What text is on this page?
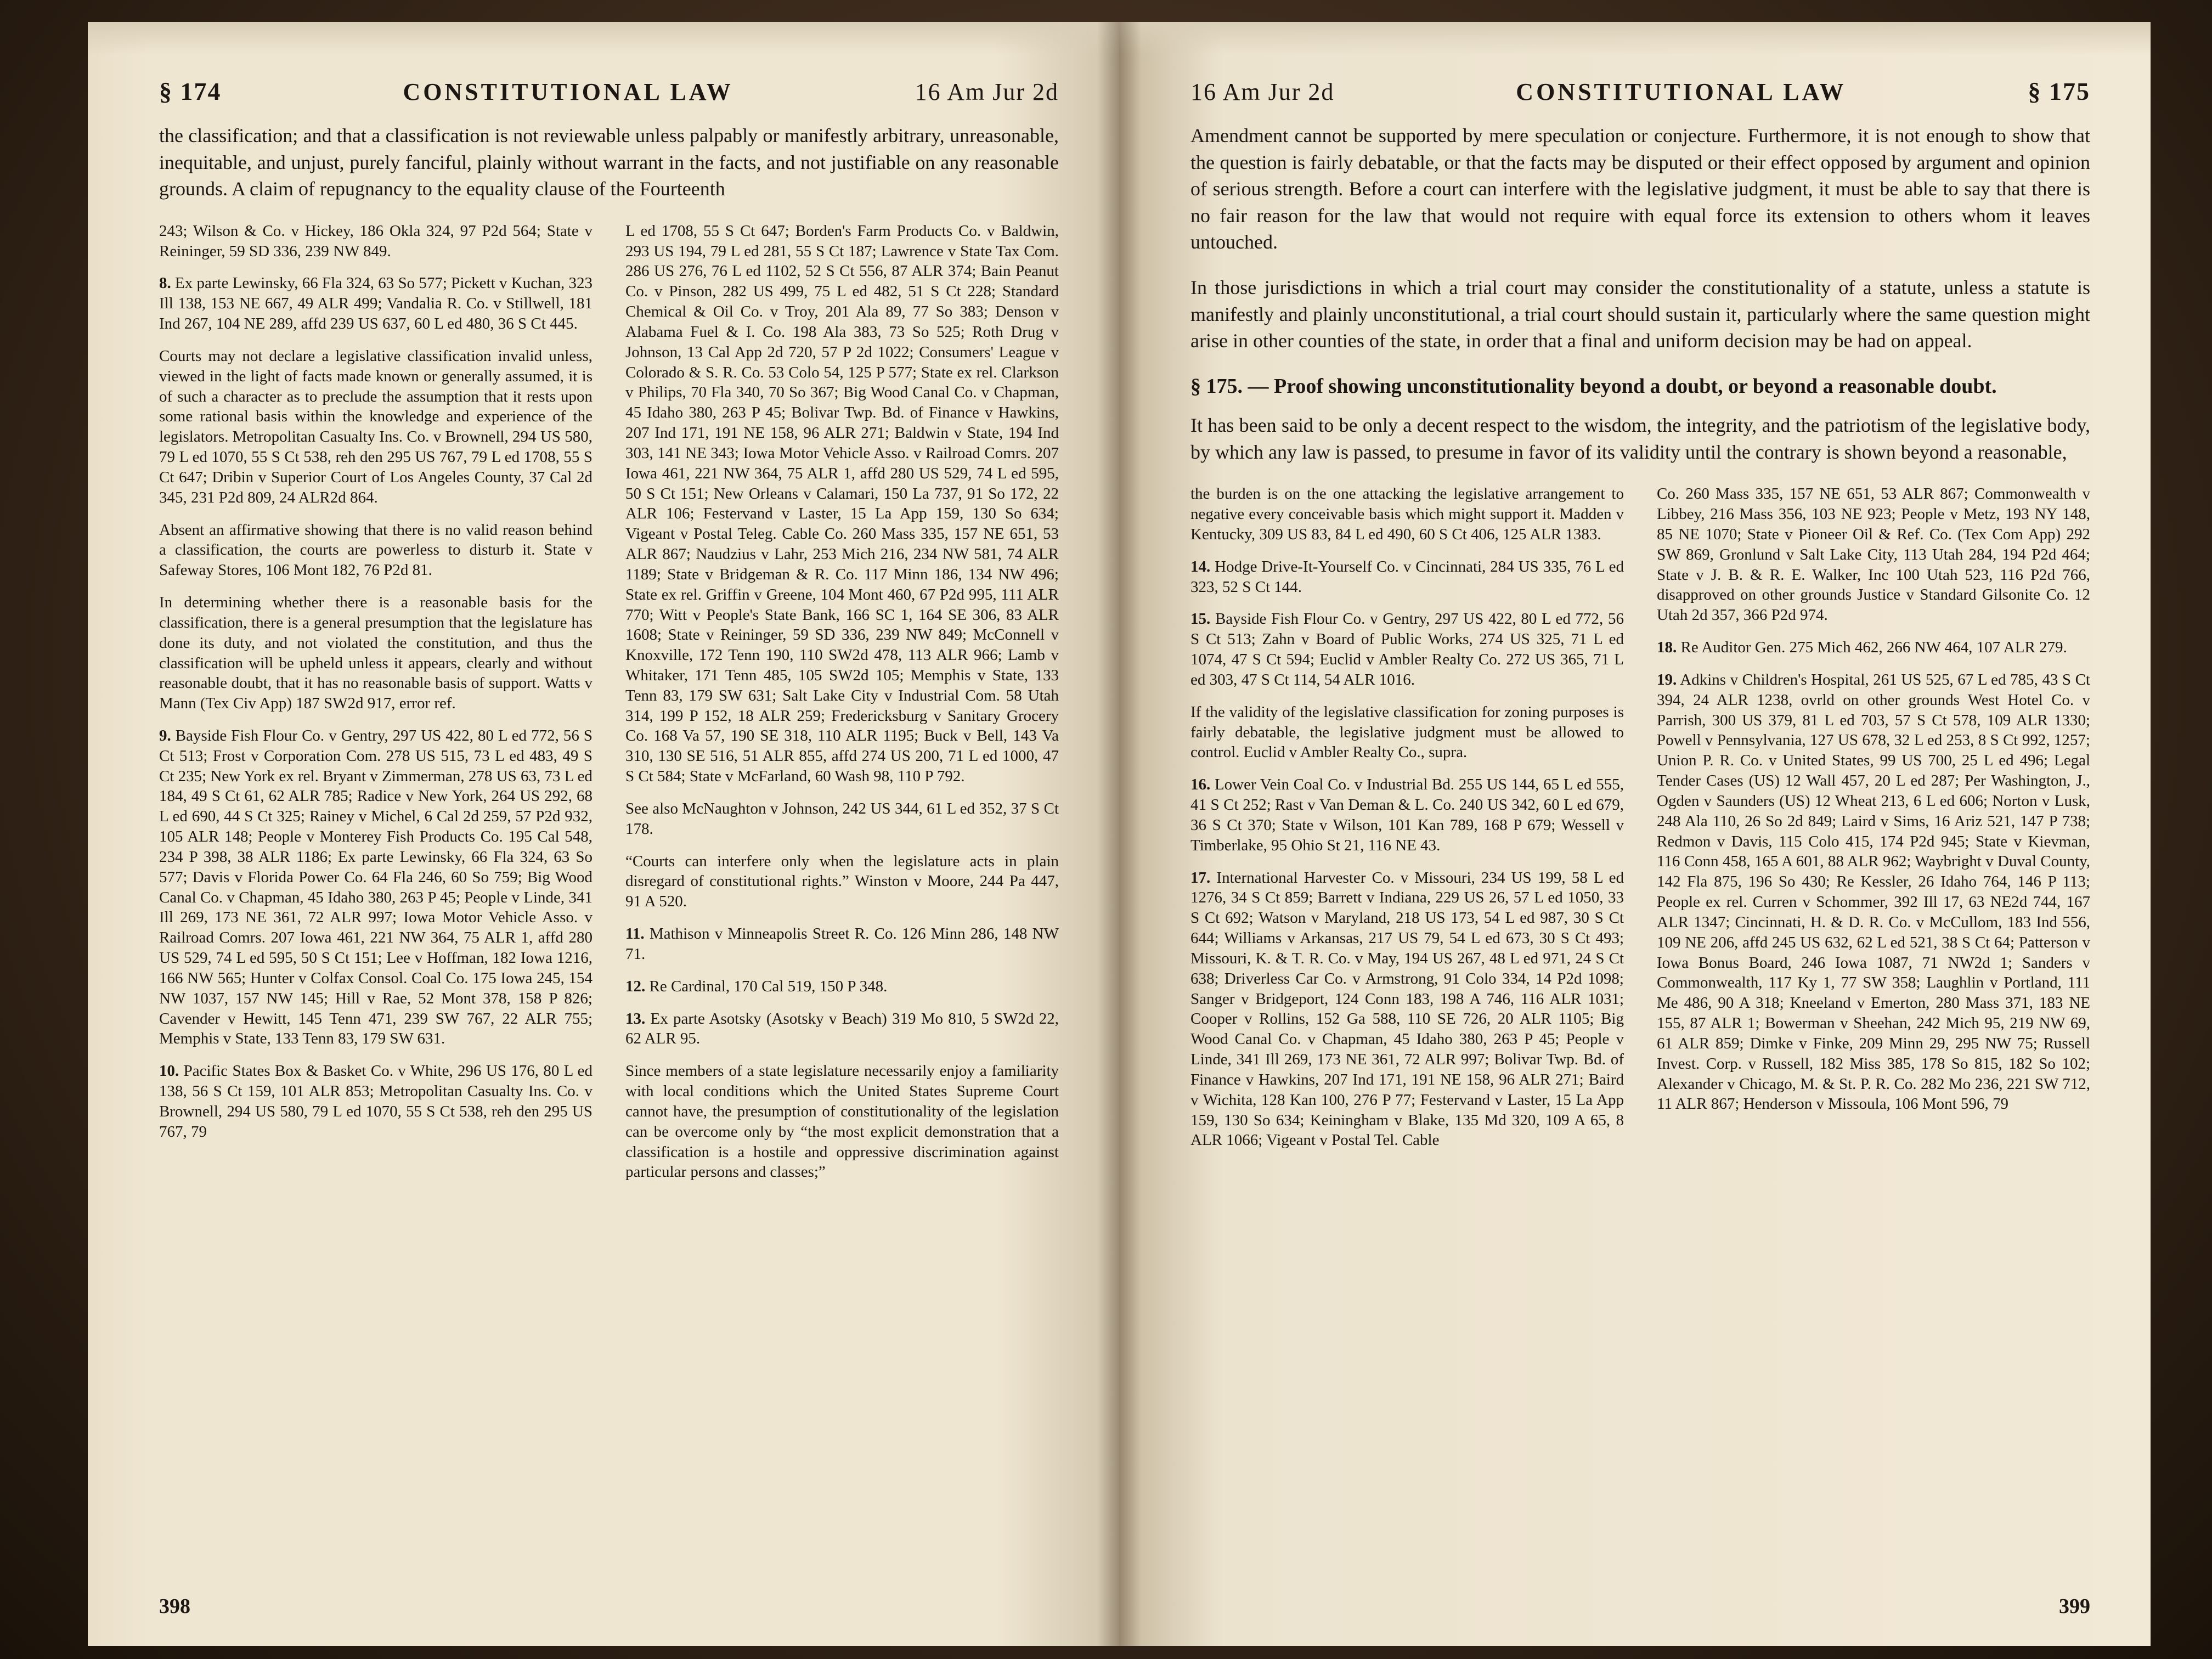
§ 174	CONSTITUTIONAL LAW	16 Am Jur 2d

the classification; and that a classification is not reviewable unless palpably or manifestly arbitrary, unreasonable, inequitable, and unjust, purely fanciful, plainly without warrant in the facts, and not justifiable on any reasonable grounds. A claim of repugnancy to the equality clause of the Fourteenth

243; Wilson & Co. v Hickey, 186 Okla 324, 97 P2d 564; State v Reininger, 59 SD 336, 239 NW 849.

8. Ex parte Lewinsky, 66 Fla 324, 63 So 577; Pickett v Kuchan, 323 Ill 138, 153 NE 667, 49 ALR 499; Vandalia R. Co. v Stillwell, 181 Ind 267, 104 NE 289, affd 239 US 637, 60 L ed 480, 36 S Ct 445.

Courts may not declare a legislative classification invalid unless, viewed in the light of facts made known or generally assumed, it is of such a character as to preclude the assumption that it rests upon some rational basis within the knowledge and experience of the legislators. Metropolitan Casualty Ins. Co. v Brownell, 294 US 580, 79 L ed 1070, 55 S Ct 538, reh den 295 US 767, 79 L ed 1708, 55 S Ct 647; Dribin v Superior Court of Los Angeles County, 37 Cal 2d 345, 231 P2d 809, 24 ALR2d 864.

Absent an affirmative showing that there is no valid reason behind a classification, the courts are powerless to disturb it. State v Safeway Stores, 106 Mont 182, 76 P2d 81.

In determining whether there is a reasonable basis for the classification, there is a general presumption that the legislature has done its duty, and not violated the constitution, and thus the classification will be upheld unless it appears, clearly and without reasonable doubt, that it has no reasonable basis of support. Watts v Mann (Tex Civ App) 187 SW2d 917, error ref.

9. Bayside Fish Flour Co. v Gentry, 297 US 422, 80 L ed 772, 56 S Ct 513; Frost v Corporation Com. 278 US 515, 73 L ed 483, 49 S Ct 235; New York ex rel. Bryant v Zimmerman, 278 US 63, 73 L ed 184, 49 S Ct 61, 62 ALR 785; Radice v New York, 264 US 292, 68 L ed 690, 44 S Ct 325; Rainey v Michel, 6 Cal 2d 259, 57 P2d 932, 105 ALR 148; People v Monterey Fish Products Co. 195 Cal 548, 234 P 398, 38 ALR 1186; Ex parte Lewinsky, 66 Fla 324, 63 So 577; Davis v Florida Power Co. 64 Fla 246, 60 So 759; Big Wood Canal Co. v Chapman, 45 Idaho 380, 263 P 45; People v Linde, 341 Ill 269, 173 NE 361, 72 ALR 997; Iowa Motor Vehicle Asso. v Railroad Comrs. 207 Iowa 461, 221 NW 364, 75 ALR 1, affd 280 US 529, 74 L ed 595, 50 S Ct 151; Lee v Hoffman, 182 Iowa 1216, 166 NW 565; Hunter v Colfax Consol. Coal Co. 175 Iowa 245, 154 NW 1037, 157 NW 145; Hill v Rae, 52 Mont 378, 158 P 826; Cavender v Hewitt, 145 Tenn 471, 239 SW 767, 22 ALR 755; Memphis v State, 133 Tenn 83, 179 SW 631.

10. Pacific States Box & Basket Co. v White, 296 US 176, 80 L ed 138, 56 S Ct 159, 101 ALR 853; Metropolitan Casualty Ins. Co. v Brownell, 294 US 580, 79 L ed 1070, 55 S Ct 538, reh den 295 US 767, 79

L ed 1708, 55 S Ct 647; Borden's Farm Products Co. v Baldwin, 293 US 194, 79 L ed 281, 55 S Ct 187; Lawrence v State Tax Com. 286 US 276, 76 L ed 1102, 52 S Ct 556, 87 ALR 374; Bain Peanut Co. v Pinson, 282 US 499, 75 L ed 482, 51 S Ct 228; Standard Chemical & Oil Co. v Troy, 201 Ala 89, 77 So 383; Denson v Alabama Fuel & I. Co. 198 Ala 383, 73 So 525; Roth Drug v Johnson, 13 Cal App 2d 720, 57 P 2d 1022; Consumers' League v Colorado & S. R. Co. 53 Colo 54, 125 P 577; State ex rel. Clarkson v Philips, 70 Fla 340, 70 So 367; Big Wood Canal Co. v Chapman, 45 Idaho 380, 263 P 45; Bolivar Twp. Bd. of Finance v Hawkins, 207 Ind 171, 191 NE 158, 96 ALR 271; Baldwin v State, 194 Ind 303, 141 NE 343; Iowa Motor Vehicle Asso. v Railroad Comrs. 207 Iowa 461, 221 NW 364, 75 ALR 1, affd 280 US 529, 74 L ed 595, 50 S Ct 151; New Orleans v Calamari, 150 La 737, 91 So 172, 22 ALR 106; Festervand v Laster, 15 La App 159, 130 So 634; Vigeant v Postal Teleg. Cable Co. 260 Mass 335, 157 NE 651, 53 ALR 867; Naudzius v Lahr, 253 Mich 216, 234 NW 581, 74 ALR 1189; State v Bridgeman & R. Co. 117 Minn 186, 134 NW 496; State ex rel. Griffin v Greene, 104 Mont 460, 67 P2d 995, 111 ALR 770; Witt v People's State Bank, 166 SC 1, 164 SE 306, 83 ALR 1608; State v Reininger, 59 SD 336, 239 NW 849; McConnell v Knoxville, 172 Tenn 190, 110 SW2d 478, 113 ALR 966; Lamb v Whitaker, 171 Tenn 485, 105 SW2d 105; Memphis v State, 133 Tenn 83, 179 SW 631; Salt Lake City v Industrial Com. 58 Utah 314, 199 P 152, 18 ALR 259; Fredericksburg v Sanitary Grocery Co. 168 Va 57, 190 SE 318, 110 ALR 1195; Buck v Bell, 143 Va 310, 130 SE 516, 51 ALR 855, affd 274 US 200, 71 L ed 1000, 47 S Ct 584; State v McFarland, 60 Wash 98, 110 P 792.

See also McNaughton v Johnson, 242 US 344, 61 L ed 352, 37 S Ct 178.

“Courts can interfere only when the legislature acts in plain disregard of constitutional rights.” Winston v Moore, 244 Pa 447, 91 A 520.

11. Mathison v Minneapolis Street R. Co. 126 Minn 286, 148 NW 71.

12. Re Cardinal, 170 Cal 519, 150 P 348.

13. Ex parte Asotsky (Asotsky v Beach) 319 Mo 810, 5 SW2d 22, 62 ALR 95.

Since members of a state legislature necessarily enjoy a familiarity with local conditions which the United States Supreme Court cannot have, the presumption of constitutionality of the legislation can be overcome only by “the most explicit demonstration that a classification is a hostile and oppressive discrimination against particular persons and classes;”

398
16 Am Jur 2d	CONSTITUTIONAL LAW	§ 175

Amendment cannot be supported by mere speculation or conjecture. Furthermore, it is not enough to show that the question is fairly debatable, or that the facts may be disputed or their effect opposed by argument and opinion of serious strength. Before a court can interfere with the legislative judgment, it must be able to say that there is no fair reason for the law that would not require with equal force its extension to others whom it leaves untouched.

In those jurisdictions in which a trial court may consider the constitutionality of a statute, unless a statute is manifestly and plainly unconstitutional, a trial court should sustain it, particularly where the same question might arise in other counties of the state, in order that a final and uniform decision may be had on appeal.

§ 175. — Proof showing unconstitutionality beyond a doubt, or beyond a reasonable doubt.

It has been said to be only a decent respect to the wisdom, the integrity, and the patriotism of the legislative body, by which any law is passed, to presume in favor of its validity until the contrary is shown beyond a reasonable,

the burden is on the one attacking the legislative arrangement to negative every conceivable basis which might support it. Madden v Kentucky, 309 US 83, 84 L ed 490, 60 S Ct 406, 125 ALR 1383.

14. Hodge Drive-It-Yourself Co. v Cincinnati, 284 US 335, 76 L ed 323, 52 S Ct 144.

15. Bayside Fish Flour Co. v Gentry, 297 US 422, 80 L ed 772, 56 S Ct 513; Zahn v Board of Public Works, 274 US 325, 71 L ed 1074, 47 S Ct 594; Euclid v Ambler Realty Co. 272 US 365, 71 L ed 303, 47 S Ct 114, 54 ALR 1016.

If the validity of the legislative classification for zoning purposes is fairly debatable, the legislative judgment must be allowed to control. Euclid v Ambler Realty Co., supra.

16. Lower Vein Coal Co. v Industrial Bd. 255 US 144, 65 L ed 555, 41 S Ct 252; Rast v Van Deman & L. Co. 240 US 342, 60 L ed 679, 36 S Ct 370; State v Wilson, 101 Kan 789, 168 P 679; Wessell v Timberlake, 95 Ohio St 21, 116 NE 43.

17. International Harvester Co. v Missouri, 234 US 199, 58 L ed 1276, 34 S Ct 859; Barrett v Indiana, 229 US 26, 57 L ed 1050, 33 S Ct 692; Watson v Maryland, 218 US 173, 54 L ed 987, 30 S Ct 644; Williams v Arkansas, 217 US 79, 54 L ed 673, 30 S Ct 493; Missouri, K. & T. R. Co. v May, 194 US 267, 48 L ed 971, 24 S Ct 638; Driverless Car Co. v Armstrong, 91 Colo 334, 14 P2d 1098; Sanger v Bridgeport, 124 Conn 183, 198 A 746, 116 ALR 1031; Cooper v Rollins, 152 Ga 588, 110 SE 726, 20 ALR 1105; Big Wood Canal Co. v Chapman, 45 Idaho 380, 263 P 45; People v Linde, 341 Ill 269, 173 NE 361, 72 ALR 997; Bolivar Twp. Bd. of Finance v Hawkins, 207 Ind 171, 191 NE 158, 96 ALR 271; Baird v Wichita, 128 Kan 100, 276 P 77; Festervand v Laster, 15 La App 159, 130 So 634; Keiningham v Blake, 135 Md 320, 109 A 65, 8 ALR 1066; Vigeant v Postal Tel. Cable

Co. 260 Mass 335, 157 NE 651, 53 ALR 867; Commonwealth v Libbey, 216 Mass 356, 103 NE 923; People v Metz, 193 NY 148, 85 NE 1070; State v Pioneer Oil & Ref. Co. (Tex Com App) 292 SW 869, Gronlund v Salt Lake City, 113 Utah 284, 194 P2d 464; State v J. B. & R. E. Walker, Inc 100 Utah 523, 116 P2d 766, disapproved on other grounds Justice v Standard Gilsonite Co. 12 Utah 2d 357, 366 P2d 974.

18. Re Auditor Gen. 275 Mich 462, 266 NW 464, 107 ALR 279.

19. Adkins v Children's Hospital, 261 US 525, 67 L ed 785, 43 S Ct 394, 24 ALR 1238, ovrld on other grounds West Hotel Co. v Parrish, 300 US 379, 81 L ed 703, 57 S Ct 578, 109 ALR 1330; Powell v Pennsylvania, 127 US 678, 32 L ed 253, 8 S Ct 992, 1257; Union P. R. Co. v United States, 99 US 700, 25 L ed 496; Legal Tender Cases (US) 12 Wall 457, 20 L ed 287; Per Washington, J., Ogden v Saunders (US) 12 Wheat 213, 6 L ed 606; Norton v Lusk, 248 Ala 110, 26 So 2d 849; Laird v Sims, 16 Ariz 521, 147 P 738; Redmon v Davis, 115 Colo 415, 174 P2d 945; State v Kievman, 116 Conn 458, 165 A 601, 88 ALR 962; Waybright v Duval County, 142 Fla 875, 196 So 430; Re Kessler, 26 Idaho 764, 146 P 113; People ex rel. Curren v Schommer, 392 Ill 17, 63 NE2d 744, 167 ALR 1347; Cincinnati, H. & D. R. Co. v McCullom, 183 Ind 556, 109 NE 206, affd 245 US 632, 62 L ed 521, 38 S Ct 64; Patterson v Iowa Bonus Board, 246 Iowa 1087, 71 NW2d 1; Sanders v Commonwealth, 117 Ky 1, 77 SW 358; Laughlin v Portland, 111 Me 486, 90 A 318; Kneeland v Emerton, 280 Mass 371, 183 NE 155, 87 ALR 1; Bowerman v Sheehan, 242 Mich 95, 219 NW 69, 61 ALR 859; Dimke v Finke, 209 Minn 29, 295 NW 75; Russell Invest. Corp. v Russell, 182 Miss 385, 178 So 815, 182 So 102; Alexander v Chicago, M. & St. P. R. Co. 282 Mo 236, 221 SW 712, 11 ALR 867; Henderson v Missoula, 106 Mont 596, 79

399
